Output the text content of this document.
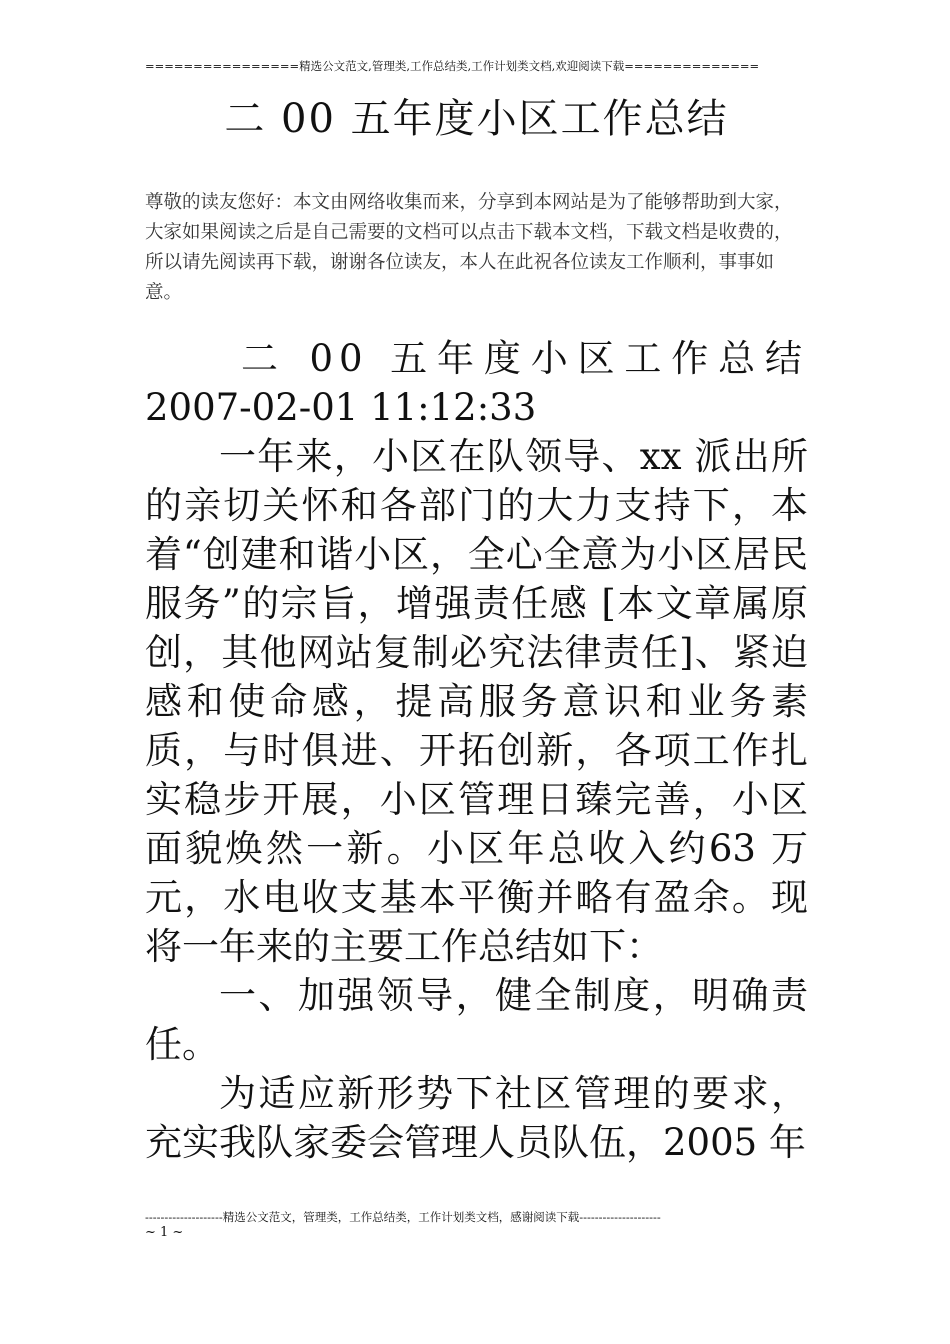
================精选公文范文,管理类,工作总结类,工作计划类文档,欢迎阅读下载==============
二 00 五年度小区工作总结
尊敬的读友您好：本文由网络收集而来，分享到本网站是为了能够帮助到大家，大家如果阅读之后是自己需要的文档可以点击下载本文档，下载文档是收费的，所以请先阅读再下载，谢谢各位读友，本人在此祝各位读友工作顺利，事事如意。
二 00 五年度小区工作总结
2007-02-01 11:12:33

一年来，小区在队领导、xx 派出所的亲切关怀和各部门的大力支持下，本着“创建和谐小区，全心全意为小区居民服务”的宗旨，增强责任感 [本文章属原创，其他网站复制必究法律责任]、紧迫感和使命感，提高服务意识和业务素质，与时俱进、开拓创新，各项工作扎实稳步开展，小区管理日臻完善，小区面貌焕然一新。小区年总收入约63 万元，水电收支基本平衡并略有盈余。现将一年来的主要工作总结如下：

一、加强领导，健全制度，明确责任。

为适应新形势下社区管理的要求，充实我队家委会管理人员队伍，2005 年

--------------------精选公文范文，管理类，工作总结类，工作计划类文档，感谢阅读下载---------------------
~ 1 ~
